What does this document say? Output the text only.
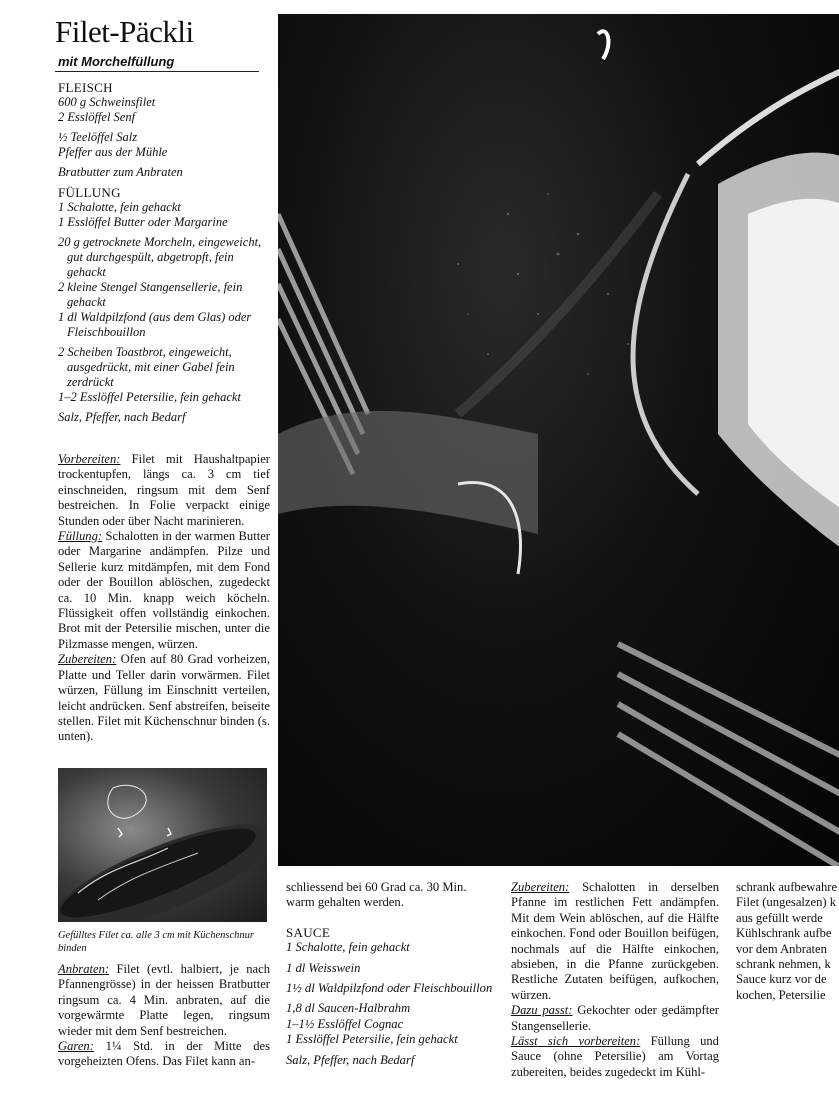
Filet-Päckli
mit Morchelfüllung
FLEISCH
600 g Schweinsfilet
2 Esslöffel Senf
½ Teelöffel Salz
Pfeffer aus der Mühle
Bratbutter zum Anbraten
FÜLLUNG
1 Schalotte, fein gehackt
1 Esslöffel Butter oder Margarine
20 g getrocknete Morcheln, eingeweicht, gut durchgespült, abgetropft, fein gehackt
2 kleine Stengel Stangensellerie, fein gehackt
1 dl Waldpilzfond (aus dem Glas) oder Fleischbouillon
2 Scheiben Toastbrot, eingeweicht, ausgedrückt, mit einer Gabel fein zerdrückt
1–2 Esslöffel Petersilie, fein gehackt
Salz, Pfeffer, nach Bedarf
Vorbereiten: Filet mit Haushaltpapier trockentupfen, längs ca. 3 cm tief einschneiden, ringsum mit dem Senf bestreichen. In Folie verpackt einige Stunden oder über Nacht marinieren.
Füllung: Schalotten in der warmen Butter oder Margarine andämpfen. Pilze und Sellerie kurz mitdämpfen, mit dem Fond oder der Bouillon ablöschen, zugedeckt ca. 10 Min. knapp weich köcheln. Flüssigkeit offen vollständig einkochen. Brot mit der Petersilie mischen, unter die Pilzmasse mengen, würzen.
Zubereiten: Ofen auf 80 Grad vorheizen, Platte und Teller darin vorwärmen. Filet würzen, Füllung im Einschnitt verteilen, leicht andrücken. Senf abstreifen, beiseite stellen. Filet mit Küchenschnur binden (s. unten).
Gefülltes Filet ca. alle 3 cm mit Küchenschnur binden
Anbraten: Filet (evtl. halbiert, je nach Pfannengrösse) in der heissen Bratbutter ringsum ca. 4 Min. anbraten, auf die vorgewärmte Platte legen, ringsum wieder mit dem Senf bestreichen.
Garen: 1¼ Std. in der Mitte des vorgeheizten Ofens. Das Filet kann an-
schliessend bei 60 Grad ca. 30 Min. warm gehalten werden.
SAUCE
1 Schalotte, fein gehackt
1 dl Weisswein
1½ dl Waldpilzfond oder Fleischbouillon
1,8 dl Saucen-Halbrahm
1–1½ Esslöffel Cognac
1 Esslöffel Petersilie, fein gehackt
Salz, Pfeffer, nach Bedarf
Zubereiten: Schalotten in derselben Pfanne im restlichen Fett andämpfen. Mit dem Wein ablöschen, auf die Hälfte einkochen. Fond oder Bouillon beifügen, nochmals auf die Hälfte einkochen, absieben, in die Pfanne zurückgeben. Restliche Zutaten beifügen, aufkochen, würzen.
Dazu passt: Gekochter oder gedämpfter Stangensellerie.
Lässt sich vorbereiten: Füllung und Sauce (ohne Petersilie) am Vortag zubereiten, beides zugedeckt im Kühl-
schrank aufbewahre
Filet (ungesalzen) k
aus gefüllt werde
Kühlschrank aufbe
vor dem Anbraten
schrank nehmen, k
Sauce kurz vor de
kochen, Petersilie
